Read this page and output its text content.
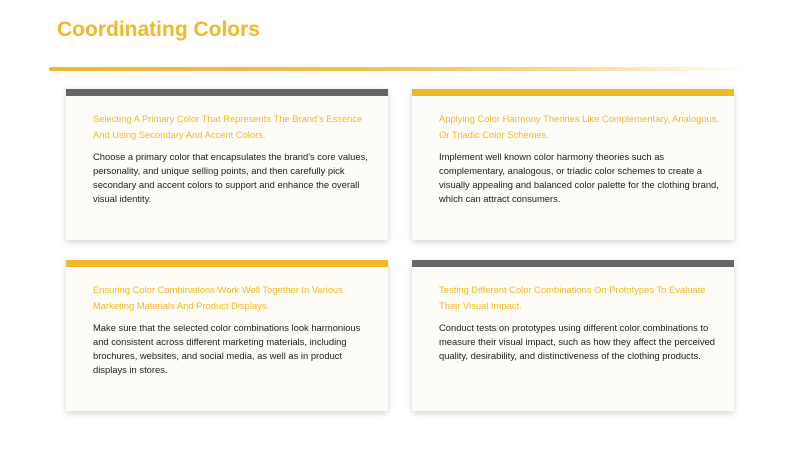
Coordinating Colors
Selecting A Primary Color That Represents The Brand's Essence And Using Secondary And Accent Colors.
Choose a primary color that encapsulates the brand's core values, personality, and unique selling points, and then carefully pick secondary and accent colors to support and enhance the overall visual identity.
Applying Color Harmony Theories Like Complementary, Analogous, Or Triadic Color Schemes.
Implement well known color harmony theories such as complementary, analogous, or triadic color schemes to create a visually appealing and balanced color palette for the clothing brand, which can attract consumers.
Ensuring Color Combinations Work Well Together In Various Marketing Materials And Product Displays.
Make sure that the selected color combinations look harmonious and consistent across different marketing materials, including brochures, websites, and social media, as well as in product displays in stores.
Testing Different Color Combinations On Prototypes To Evaluate Their Visual Impact.
Conduct tests on prototypes using different color combinations to measure their visual impact, such as how they affect the perceived quality, desirability, and distinctiveness of the clothing products.
